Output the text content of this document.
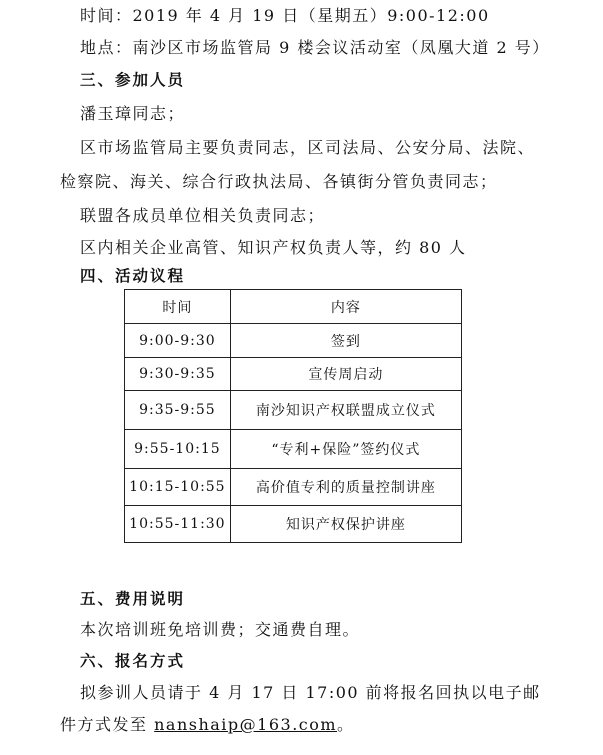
时间：2019 年 4 月 19 日（星期五）9:00-12:00
地点：南沙区市场监管局 9 楼会议活动室（凤凰大道 2 号）
三、参加人员
潘玉璋同志；
区市场监管局主要负责同志，区司法局、公安分局、法院、
检察院、海关、综合行政执法局、各镇街分管负责同志；
联盟各成员单位相关负责同志；
区内相关企业高管、知识产权负责人等，约 80 人
四、活动议程
时间	内容
9:00-9:30	签到
9:30-9:35	宣传周启动
9:35-9:55	南沙知识产权联盟成立仪式
9:55-10:15	“专利+保险”签约仪式
10:15-10:55	高价值专利的质量控制讲座
10:55-11:30	知识产权保护讲座
五、费用说明
本次培训班免培训费；交通费自理。
六、报名方式
拟参训人员请于 4 月 17 日 17:00 前将报名回执以电子邮
件方式发至 nanshaip@163.com。
